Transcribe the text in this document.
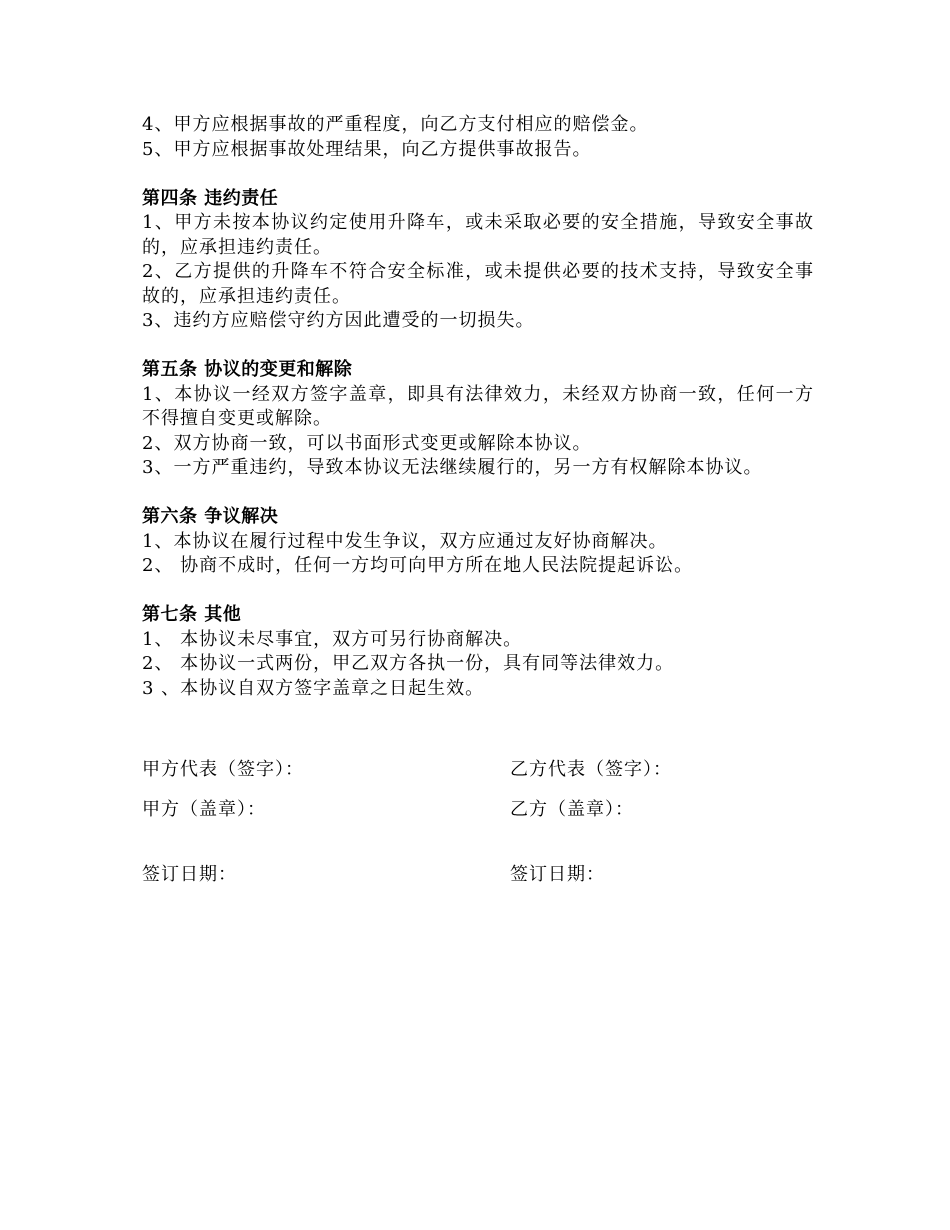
4、甲方应根据事故的严重程度，向乙方支付相应的赔偿金。

5、甲方应根据事故处理结果，向乙方提供事故报告。

第四条 违约责任

1、甲方未按本协议约定使用升降车，或未采取必要的安全措施，导致安全事故的，应承担违约责任。

2、乙方提供的升降车不符合安全标准，或未提供必要的技术支持，导致安全事故的，应承担违约责任。

3、违约方应赔偿守约方因此遭受的一切损失。

第五条 协议的变更和解除

1、本协议一经双方签字盖章，即具有法律效力，未经双方协商一致，任何一方不得擅自变更或解除。

2、双方协商一致，可以书面形式变更或解除本协议。

3、一方严重违约，导致本协议无法继续履行的，另一方有权解除本协议。

第六条 争议解决

1、本协议在履行过程中发生争议，双方应通过友好协商解决。

2、 协商不成时，任何一方均可向甲方所在地人民法院提起诉讼。

第七条 其他

1、 本协议未尽事宜，双方可另行协商解决。

2、 本协议一式两份，甲乙双方各执一份，具有同等法律效力。

3 、本协议自双方签字盖章之日起生效。

甲方代表（签字）：	乙方代表（签字）：
甲方（盖章）：	乙方（盖章）：
签订日期：	签订日期：
